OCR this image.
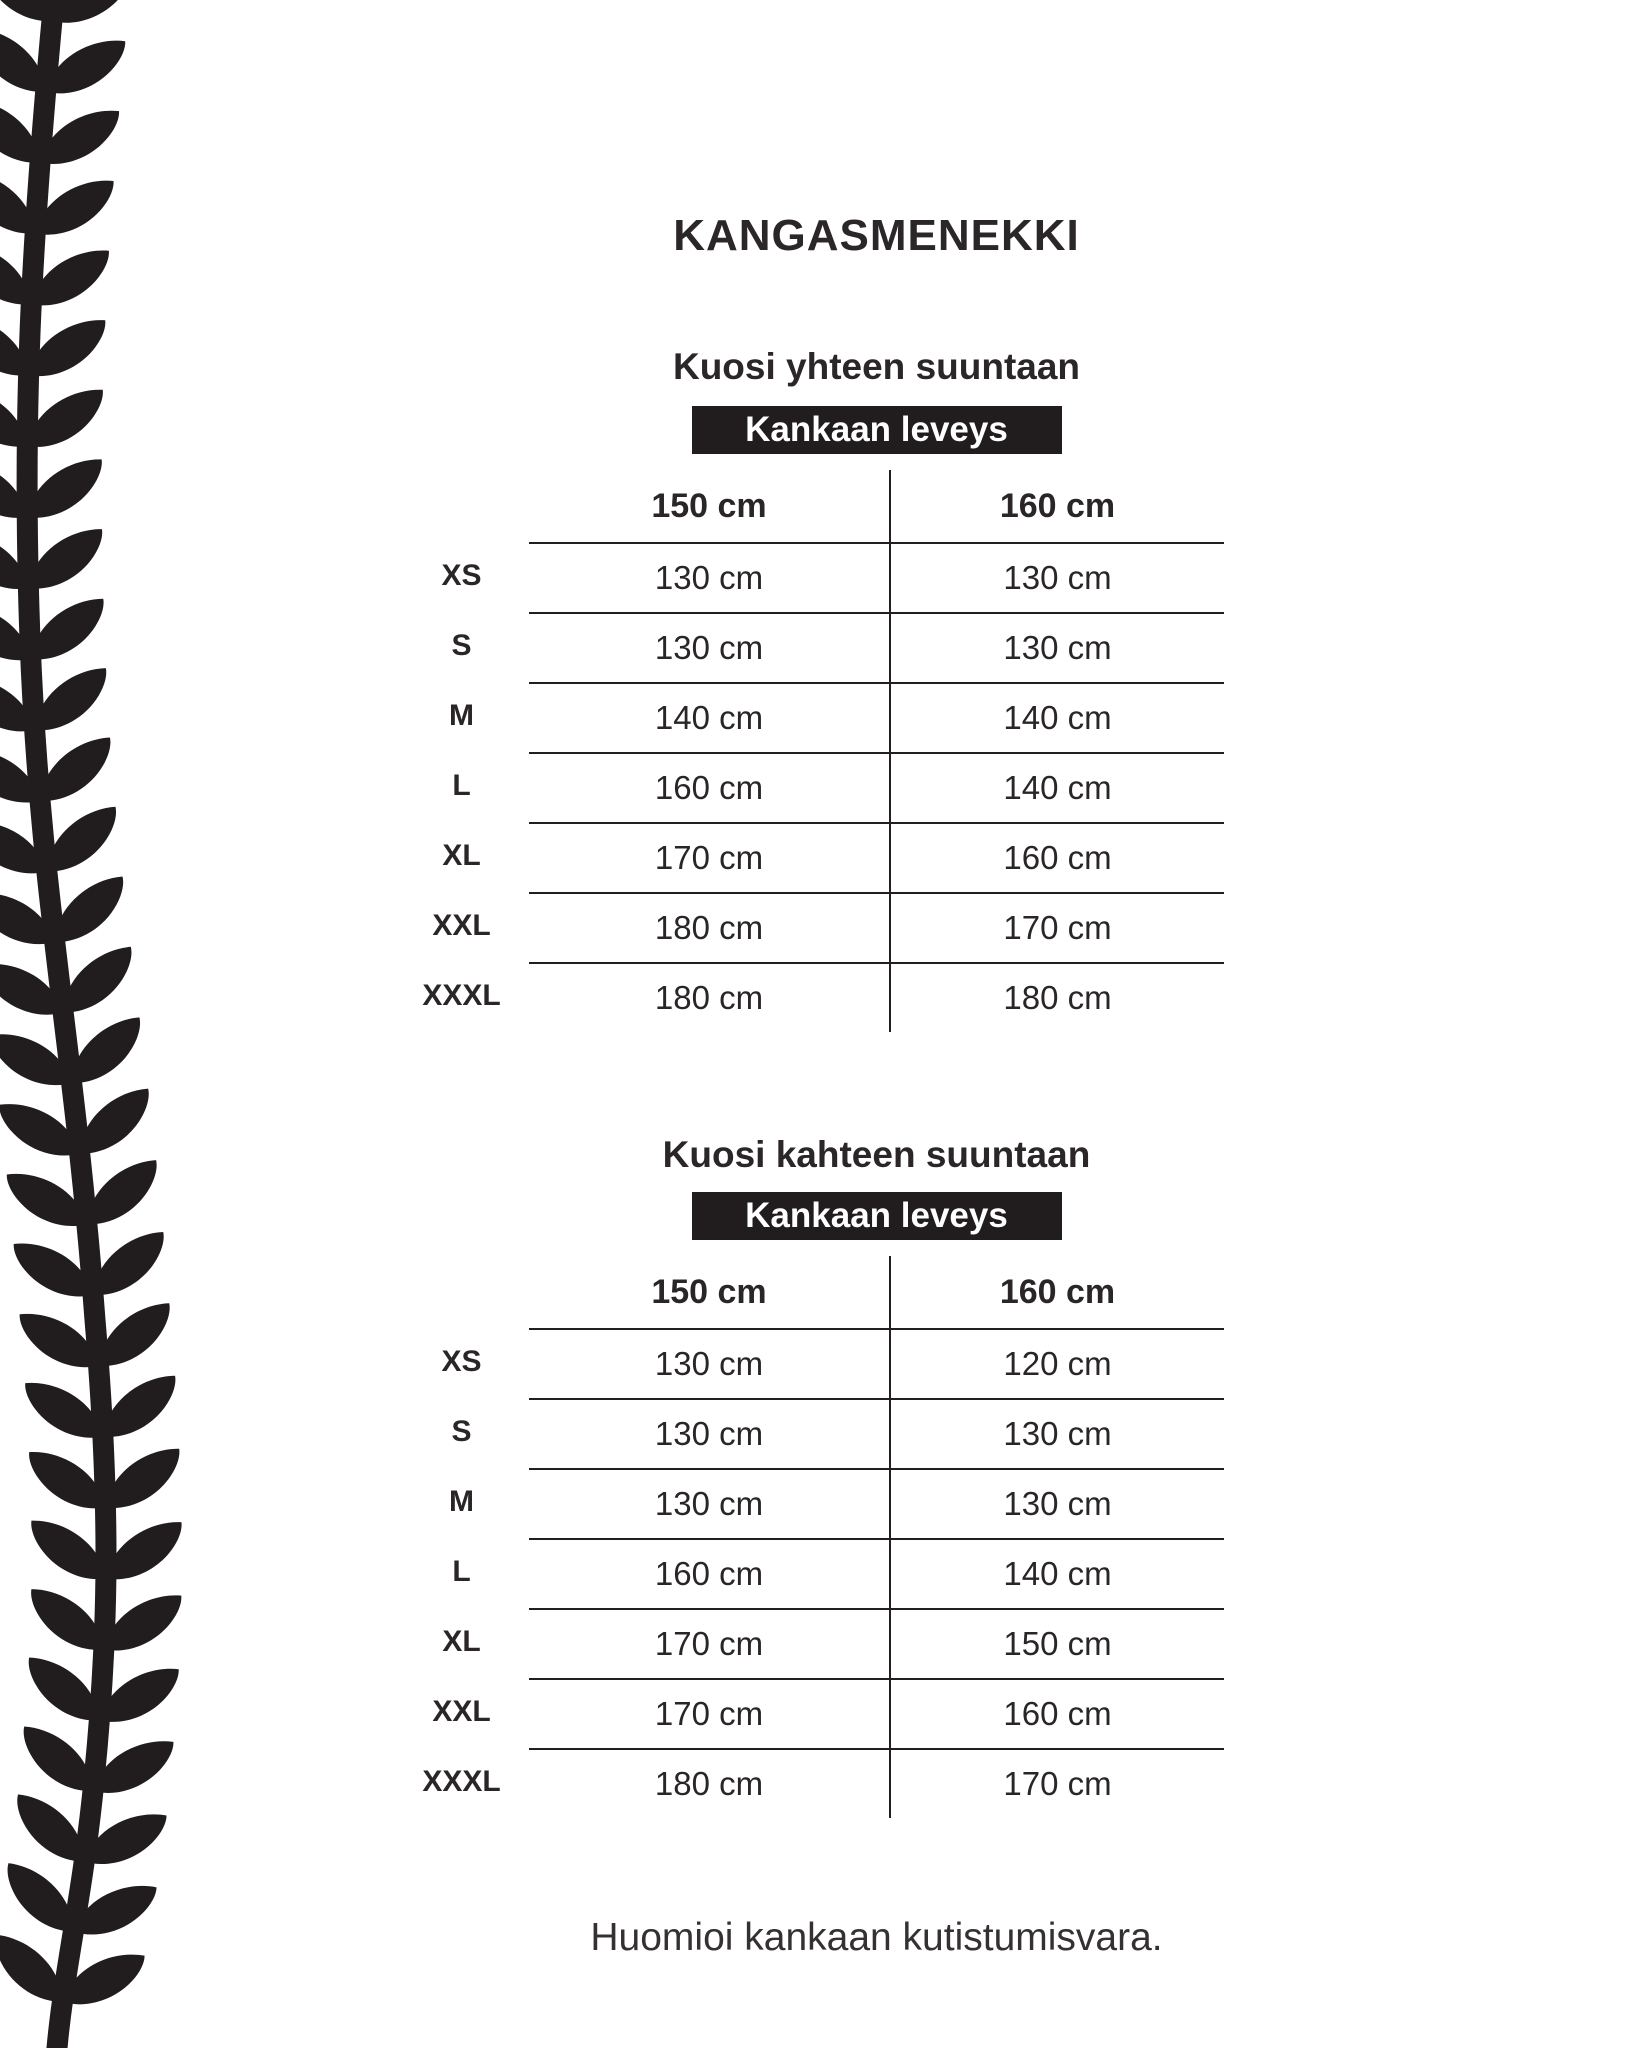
KANGASMENEKKI
Kuosi yhteen suuntaan
Kankaan leveys
150 cm	160 cm
XS	130 cm	130 cm
S	130 cm	130 cm
M	140 cm	140 cm
L	160 cm	140 cm
XL	170 cm	160 cm
XXL	180 cm	170 cm
XXXL	180 cm	180 cm
Kuosi kahteen suuntaan
Kankaan leveys
150 cm	160 cm
XS	130 cm	120 cm
S	130 cm	130 cm
M	130 cm	130 cm
L	160 cm	140 cm
XL	170 cm	150 cm
XXL	170 cm	160 cm
XXXL	180 cm	170 cm
Huomioi kankaan kutistumisvara.
